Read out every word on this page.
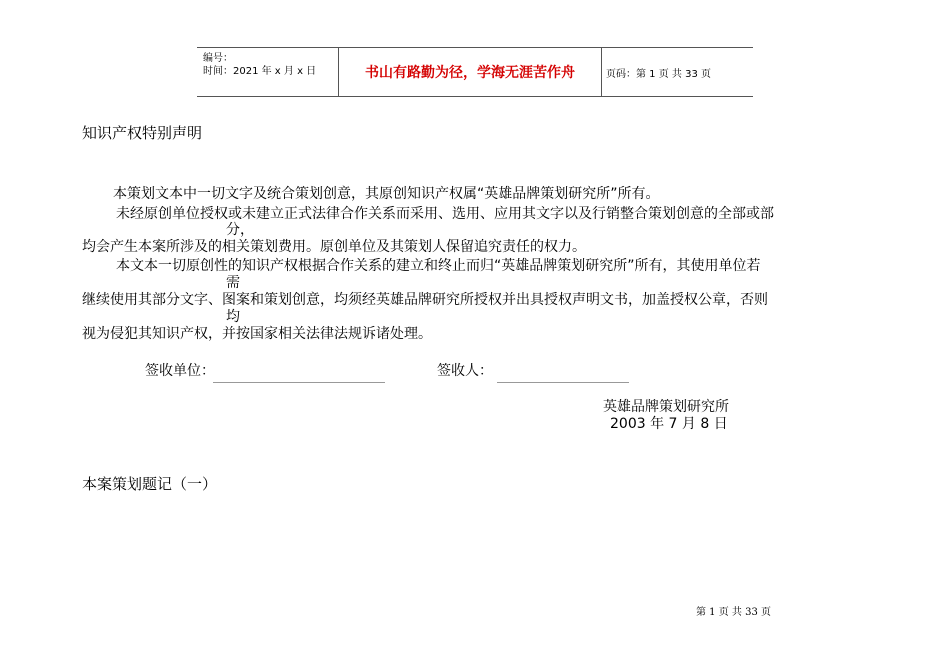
编号：
时间：2021 年 x 月 x 日	书山有路勤为径，学海无涯苦作舟	页码：第 1 页 共 33 页
知识产权特别声明
本策划文本中一切文字及统合策划创意，其原创知识产权属“英雄品牌策划研究所”所有。
未经原创单位授权或未建立正式法律合作关系而采用、选用、应用其文字以及行销整合策划创意的全部或部
分，
均会产生本案所涉及的相关策划费用。原创单位及其策划人保留追究责任的权力。
本文本一切原创性的知识产权根据合作关系的建立和终止而归“英雄品牌策划研究所”所有，其使用单位若
需
继续使用其部分文字、图案和策划创意，均须经英雄品牌研究所授权并出具授权声明文书，加盖授权公章，否则
均
视为侵犯其知识产权，并按国家相关法律法规诉诸处理。
签收单位：	签收人：
英雄品牌策划研究所
2003 年 7 月 8 日
本案策划题记（一）
第 1 页 共 33 页
